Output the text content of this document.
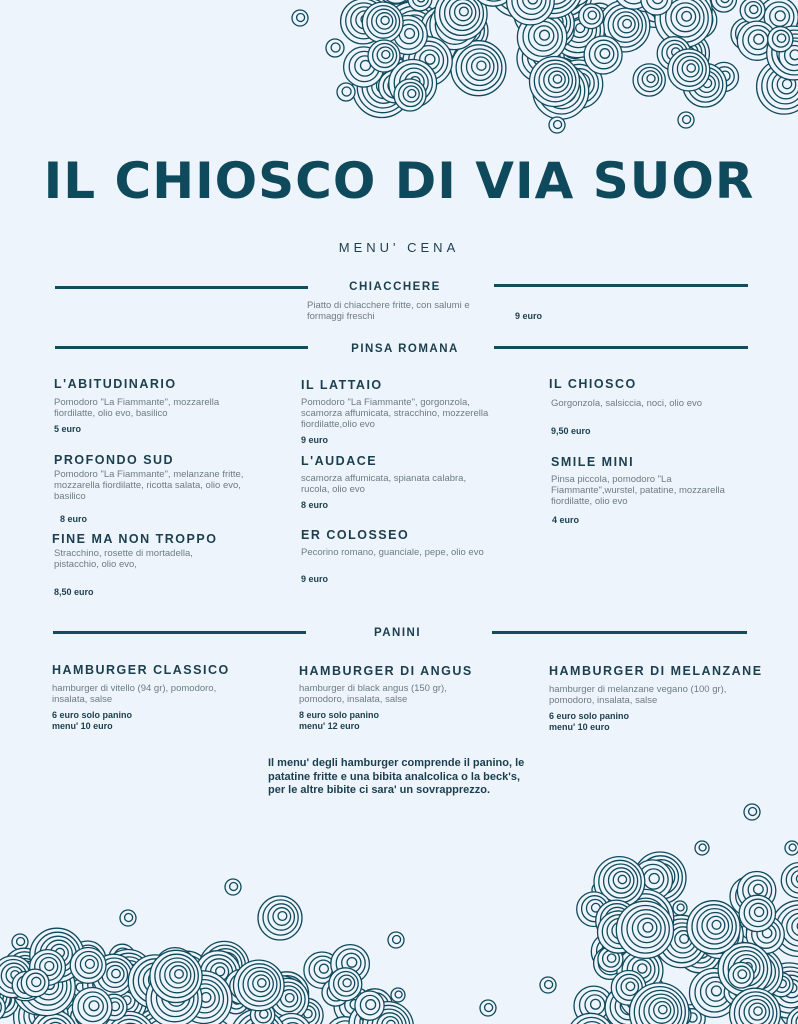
IL CHIOSCO DI VIA SUOR
MENU' CENA
CHIACCHERE
Piatto di chiacchere fritte, con salumi e formaggi freschi	9 euro
PINSA ROMANA
L'ABITUDINARIO
Pomodoro "La Fiammante", mozzarella fiordilatte, olio evo, basilico
5 euro
PROFONDO SUD
Pomodoro "La Fiammante", melanzane fritte, mozzarella fiordilatte, ricotta salata, olio evo, basilico
8 euro
FINE MA NON TROPPO
Stracchino, rosette di mortadella, pistacchio, olio evo,
8,50 euro
IL LATTAIO
Pomodoro "La Fiammante", gorgonzola, scamorza affumicata, stracchino, mozzerella fiordilatte,olio evo
9 euro
L'AUDACE
scamorza affumicata, spianata calabra, rucola, olio evo
8 euro
ER COLOSSEO
Pecorino romano, guanciale, pepe, olio evo
9 euro
IL CHIOSCO
Gorgonzola, salsiccia, noci, olio evo
9,50 euro
SMILE MINI
Pinsa piccola, pomodoro "La Fiammante",wurstel, patatine, mozzarella fiordilatte, olio evo
4 euro
PANINI
HAMBURGER CLASSICO
hamburger di vitello (94 gr), pomodoro, insalata, salse
6 euro solo panino
menu' 10 euro
HAMBURGER DI ANGUS
hamburger di black angus (150 gr), pomodoro, insalata, salse
8 euro solo panino
menu' 12 euro
HAMBURGER DI MELANZANE
hamburger di melanzane vegano (100 gr), pomodoro, insalata, salse
6 euro solo panino
menu' 10 euro
Il menu' degli hamburger comprende il panino, le patatine fritte e una bibita analcolica o la beck's, per le altre bibite ci sara' un sovrapprezzo.
